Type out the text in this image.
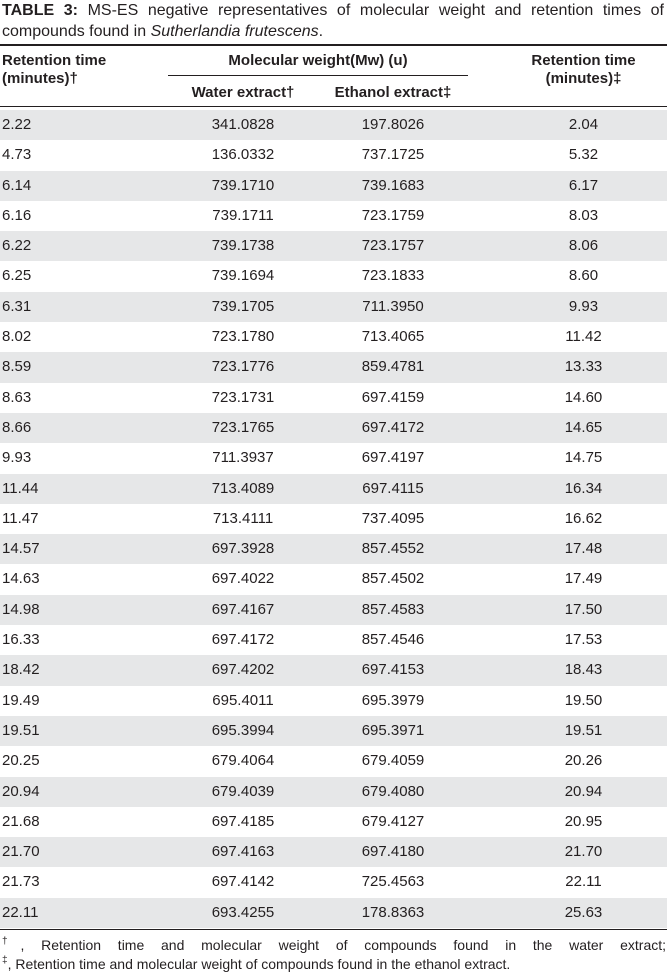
TABLE 3: MS-ES negative representatives of molecular weight and retention times of compounds found in Sutherlandia frutescens.
Retention time (minutes)†
Molecular weight(Mw) (u)
Water extract†	Ethanol extract‡
Retention time (minutes)‡
2.22	341.0828	197.8026	2.04
4.73	136.0332	737.1725	5.32
6.14	739.1710	739.1683	6.17
6.16	739.1711	723.1759	8.03
6.22	739.1738	723.1757	8.06
6.25	739.1694	723.1833	8.60
6.31	739.1705	711.3950	9.93
8.02	723.1780	713.4065	11.42
8.59	723.1776	859.4781	13.33
8.63	723.1731	697.4159	14.60
8.66	723.1765	697.4172	14.65
9.93	711.3937	697.4197	14.75
11.44	713.4089	697.4115	16.34
11.47	713.4111	737.4095	16.62
14.57	697.3928	857.4552	17.48
14.63	697.4022	857.4502	17.49
14.98	697.4167	857.4583	17.50
16.33	697.4172	857.4546	17.53
18.42	697.4202	697.4153	18.43
19.49	695.4011	695.3979	19.50
19.51	695.3994	695.3971	19.51
20.25	679.4064	679.4059	20.26
20.94	679.4039	679.4080	20.94
21.68	697.4185	679.4127	20.95
21.70	697.4163	697.4180	21.70
21.73	697.4142	725.4563	22.11
22.11	693.4255	178.8363	25.63
†, Retention time and molecular weight of compounds found in the water extract;
‡, Retention time and molecular weight of compounds found in the ethanol extract.
